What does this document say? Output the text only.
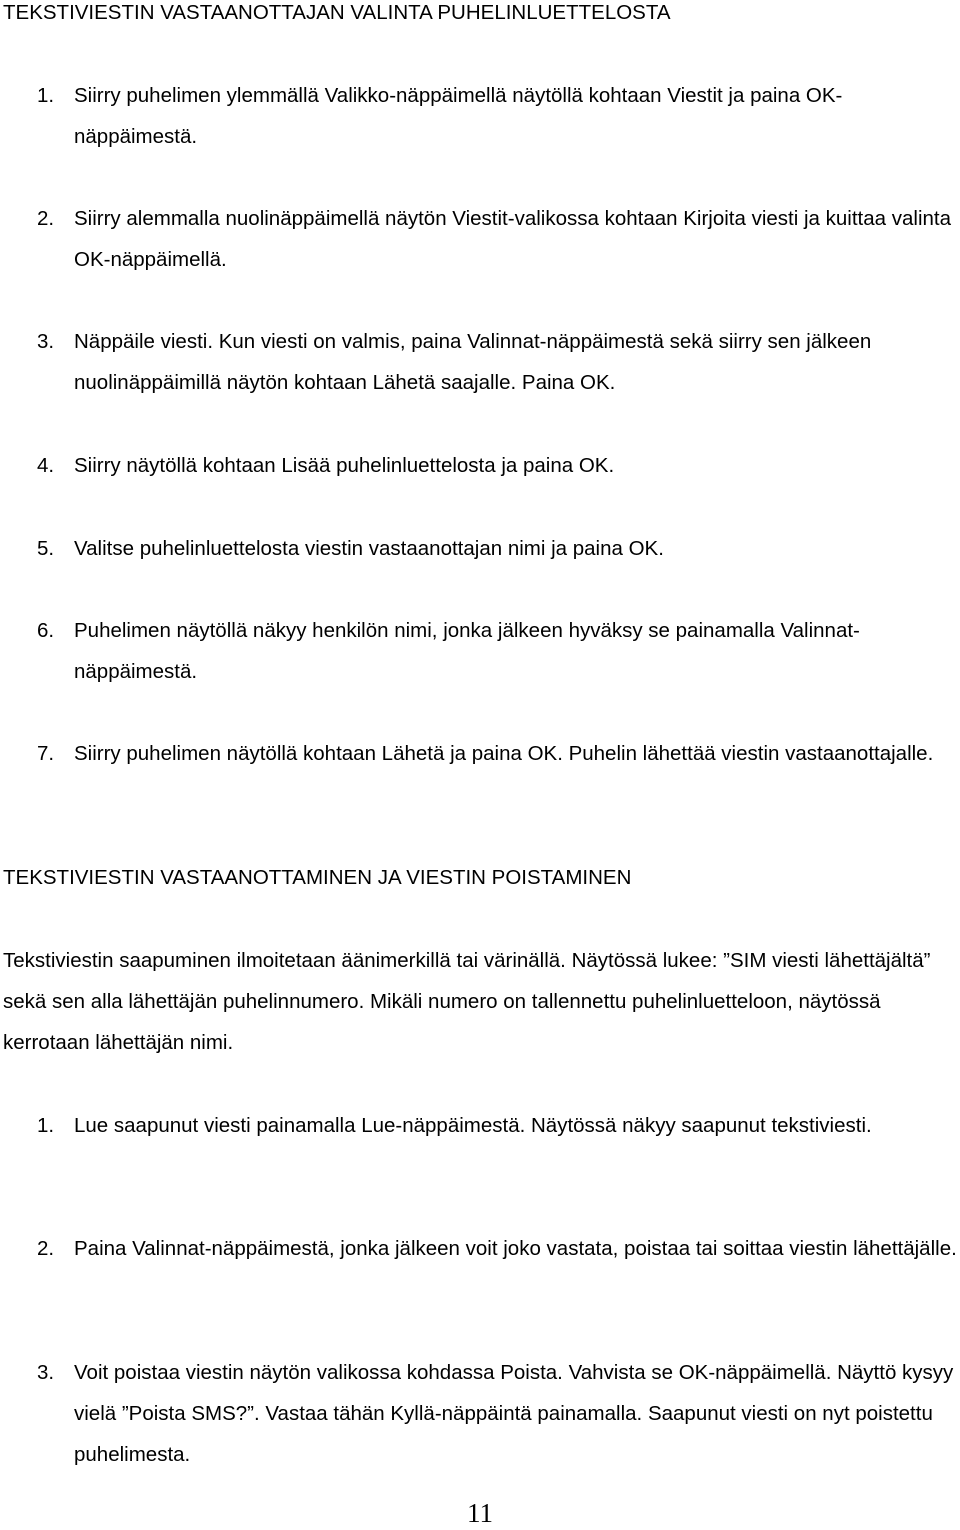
TEKSTIVIESTIN VASTAANOTTAJAN VALINTA PUHELINLUETTELOSTA
1. Siirry puhelimen ylemmällä Valikko-näppäimellä näytöllä kohtaan Viestit ja paina OK-näppäimestä.
2. Siirry alemmalla nuolinäppäimellä näytön Viestit-valikossa kohtaan Kirjoita viesti ja kuittaa valinta OK-näppäimellä.
3. Näppäile viesti. Kun viesti on valmis, paina Valinnat-näppäimestä sekä siirry sen jälkeen nuolinäppäimillä näytön kohtaan Lähetä saajalle. Paina OK.
4. Siirry näytöllä kohtaan Lisää puhelinluettelosta ja paina OK.
5. Valitse puhelinluettelosta viestin vastaanottajan nimi ja paina OK.
6. Puhelimen näytöllä näkyy henkilön nimi, jonka jälkeen hyväksy se painamalla Valinnat-näppäimestä.
7. Siirry puhelimen näytöllä kohtaan Lähetä ja paina OK. Puhelin lähettää viestin vastaanottajalle.
TEKSTIVIESTIN VASTAANOTTAMINEN JA VIESTIN POISTAMINEN
Tekstiviestin saapuminen ilmoitetaan äänimerkillä tai värinällä. Näytössä lukee: ”SIM viesti lähettäjältä” sekä sen alla lähettäjän puhelinnumero. Mikäli numero on tallennettu puhelinluetteloon, näytössä kerrotaan lähettäjän nimi.
1. Lue saapunut viesti painamalla Lue-näppäimestä. Näytössä näkyy saapunut tekstiviesti.
2. Paina Valinnat-näppäimestä, jonka jälkeen voit joko vastata, poistaa tai soittaa viestin lähettäjälle.
3. Voit poistaa viestin näytön valikossa kohdassa Poista. Vahvista se OK-näppäimellä. Näyttö kysyy vielä ”Poista SMS?”. Vastaa tähän Kyllä-näppäintä painamalla. Saapunut viesti on nyt poistettu puhelimesta.
11
